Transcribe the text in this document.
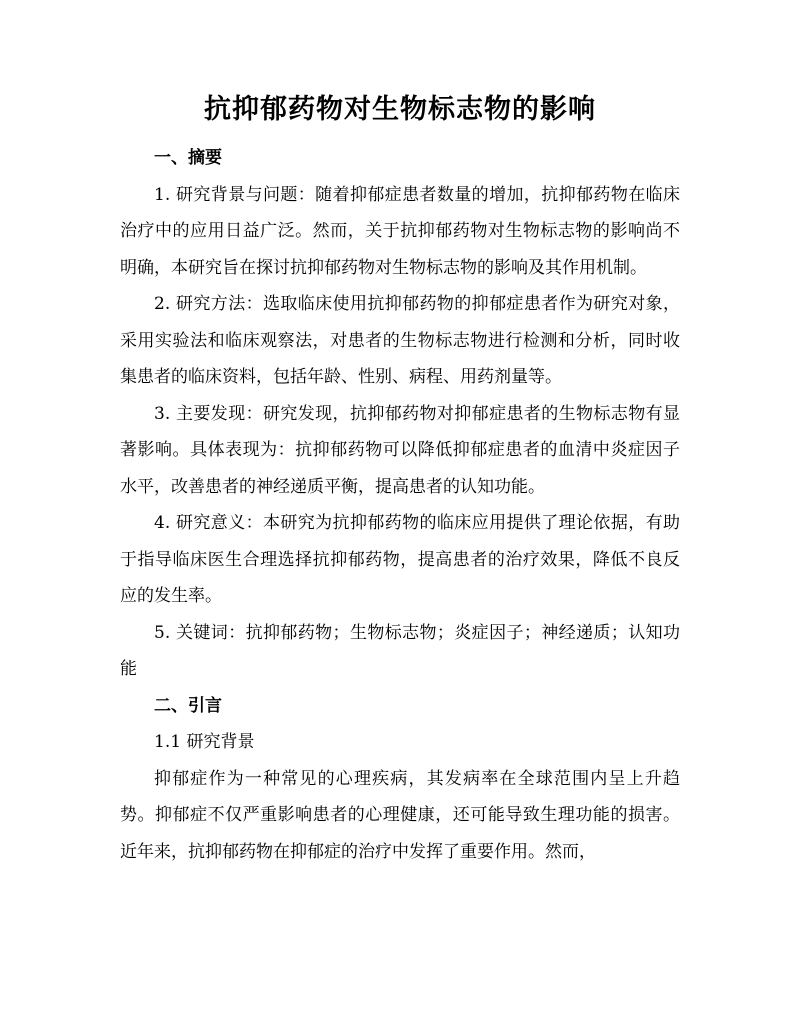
抗抑郁药物对生物标志物的影响

一、摘要

1. 研究背景与问题：随着抑郁症患者数量的增加，抗抑郁药物在临床治疗中的应用日益广泛。然而，关于抗抑郁药物对生物标志物的影响尚不明确，本研究旨在探讨抗抑郁药物对生物标志物的影响及其作用机制。

2. 研究方法：选取临床使用抗抑郁药物的抑郁症患者作为研究对象，采用实验法和临床观察法，对患者的生物标志物进行检测和分析，同时收集患者的临床资料，包括年龄、性别、病程、用药剂量等。

3. 主要发现：研究发现，抗抑郁药物对抑郁症患者的生物标志物有显著影响。具体表现为：抗抑郁药物可以降低抑郁症患者的血清中炎症因子水平，改善患者的神经递质平衡，提高患者的认知功能。

4. 研究意义：本研究为抗抑郁药物的临床应用提供了理论依据，有助于指导临床医生合理选择抗抑郁药物，提高患者的治疗效果，降低不良反应的发生率。

5. 关键词：抗抑郁药物；生物标志物；炎症因子；神经递质；认知功能

二、引言

1.1 研究背景

抑郁症作为一种常见的心理疾病，其发病率在全球范围内呈上升趋势。抑郁症不仅严重影响患者的心理健康，还可能导致生理功能的损害。近年来，抗抑郁药物在抑郁症的治疗中发挥了重要作用。然而，
